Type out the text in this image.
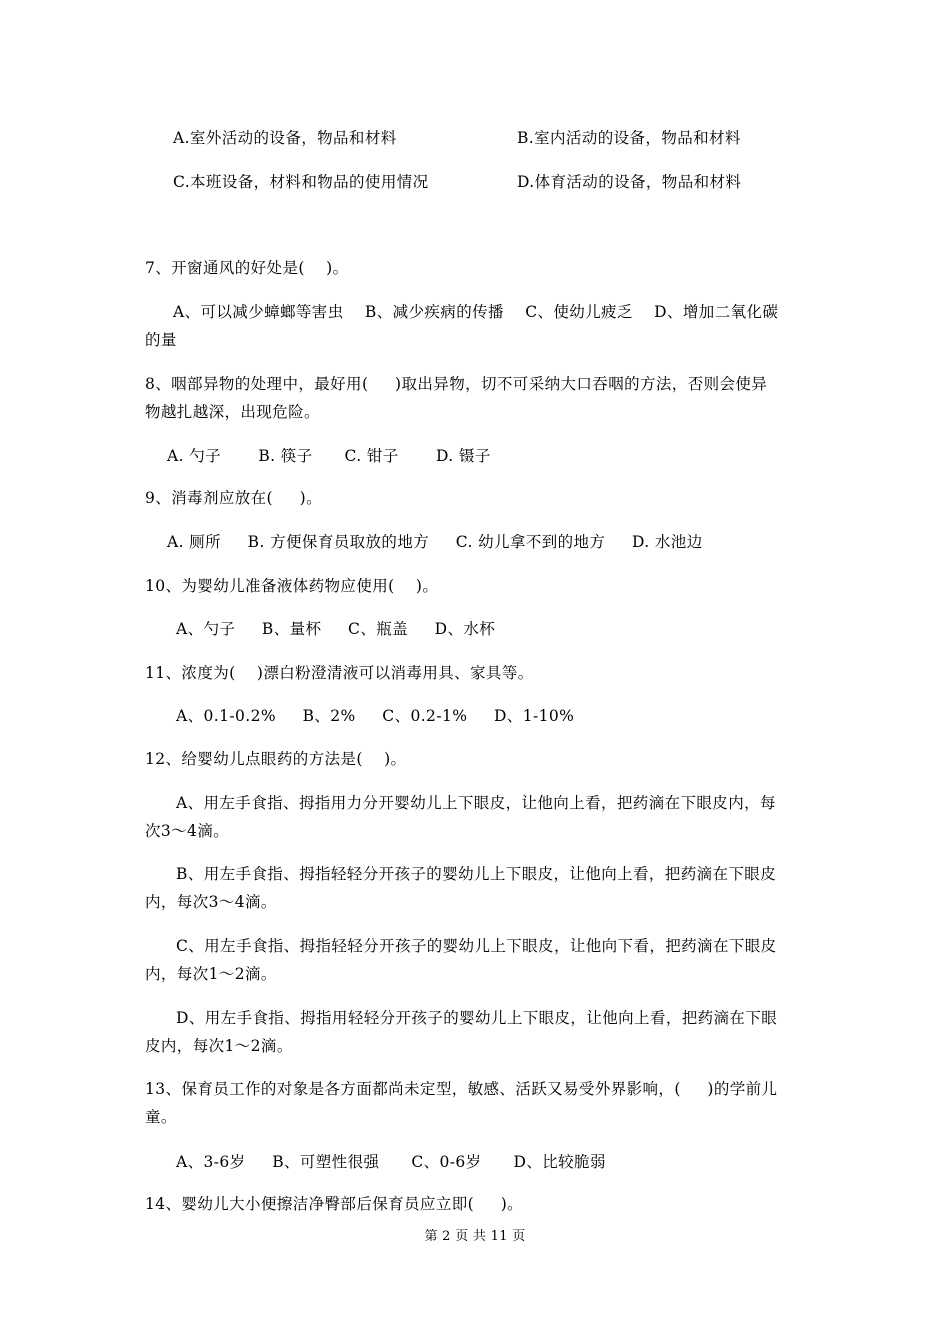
A.室外活动的设备，物品和材料	B.室内活动的设备，物品和材料
C.本班设备，材料和物品的使用情况	D.体育活动的设备，物品和材料
7、开窗通风的好处是(    )。
A、可以减少蟑螂等害虫    B、减少疾病的传播    C、使幼儿疲乏    D、增加二氧化碳
的量
8、咽部异物的处理中，最好用(     )取出异物，切不可采纳大口吞咽的方法，否则会使异
物越扎越深，出现危险。
A. 勺子       B. 筷子      C. 钳子       D. 镊子
9、消毒剂应放在(     )。
A. 厕所     B. 方便保育员取放的地方     C. 幼儿拿不到的地方     D. 水池边
10、为婴幼儿准备液体药物应使用(    )。
A、勺子     B、量杯     C、瓶盖     D、水杯
11、浓度为(    )漂白粉澄清液可以消毒用具、家具等。
A、0.1-0.2%     B、2%     C、0.2-1%     D、1-10%
12、给婴幼儿点眼药的方法是(    )。
A、用左手食指、拇指用力分开婴幼儿上下眼皮，让他向上看，把药滴在下眼皮内，每
次3～4滴。
B、用左手食指、拇指轻轻分开孩子的婴幼儿上下眼皮，让他向上看，把药滴在下眼皮
内，每次3～4滴。
C、用左手食指、拇指轻轻分开孩子的婴幼儿上下眼皮，让他向下看，把药滴在下眼皮
内，每次1～2滴。
D、用左手食指、拇指用轻轻分开孩子的婴幼儿上下眼皮，让他向上看，把药滴在下眼
皮内，每次1～2滴。
13、保育员工作的对象是各方面都尚未定型，敏感、活跃又易受外界影响，(     )的学前儿
童。
A、3-6岁     B、可塑性很强      C、0-6岁      D、比较脆弱
14、婴幼儿大小便擦洁净臀部后保育员应立即(     )。
第 2 页 共 11 页
